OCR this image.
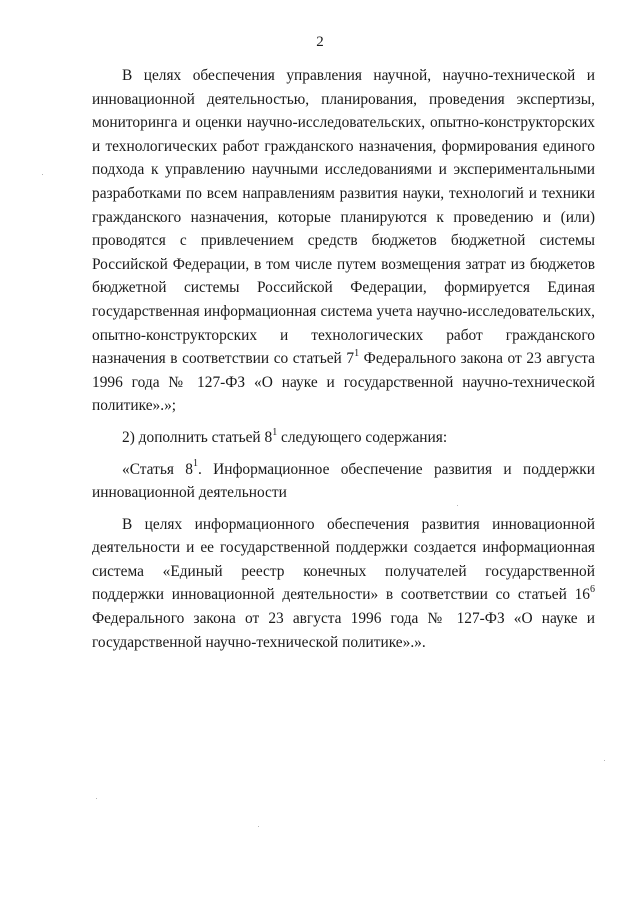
2

В целях обеспечения управления научной, научно-технической и инновационной деятельностью, планирования, проведения экспертизы, мониторинга и оценки научно-исследовательских, опытно-конструкторских и технологических работ гражданского назначения, формирования единого подхода к управлению научными исследованиями и экспериментальными разработками по всем направлениям развития науки, технологий и техники гражданского назначения, которые планируются к проведению и (или) проводятся с привлечением средств бюджетов бюджетной системы Российской Федерации, в том числе путем возмещения затрат из бюджетов бюджетной системы Российской Федерации, формируется Единая государственная информационная система учета научно-исследовательских, опытно-конструкторских и технологических работ гражданского назначения в соответствии со статьей $7^1$ Федерального закона от 23 августа 1996 года № 127-ФЗ «О науке и государственной научно-технической политике».»;

2) дополнить статьей $8^1$ следующего содержания:

«Статья $8^1$. Информационное обеспечение развития и поддержки инновационной деятельности

В целях информационного обеспечения развития инновационной деятельности и ее государственной поддержки создается информационная система «Единый реестр конечных получателей государственной поддержки инновационной деятельности» в соответствии со статьей $16^6$ Федерального закона от 23 августа 1996 года № 127-ФЗ «О науке и государственной научно-технической политике».».
